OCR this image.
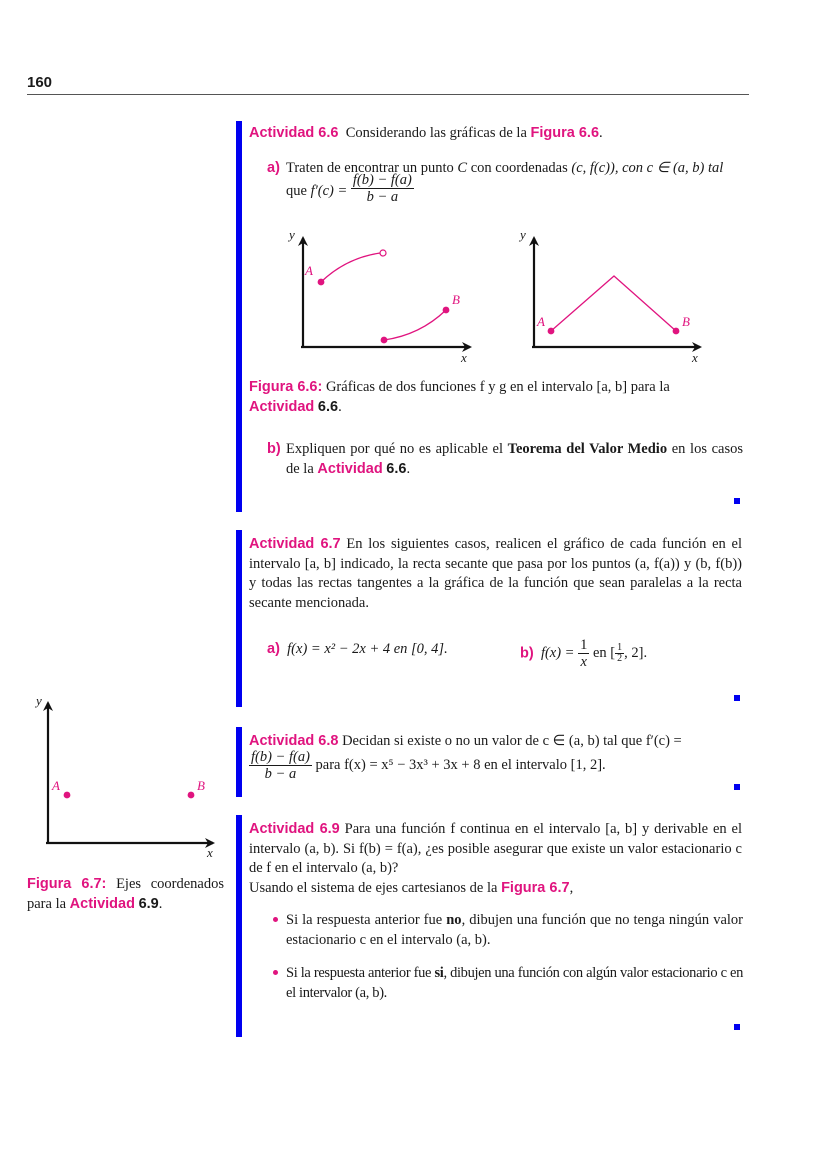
160
Actividad 6.6 Considerando las gráficas de la Figura 6.6.
a) Traten de encontrar un punto C con coordenadas (c, f(c)), con c ∈ (a, b) tal
que $f'(c) = \frac{f(b) - f(a)}{b - a}$
y
x
A
B
y
x
A	B
Figura 6.6: Gráficas de dos funciones f y g en el intervalo [a, b] para la
Actividad 6.6.
b) Expliquen por qué no es aplicable el Teorema del Valor Medio en los casos de la Actividad 6.6.
Actividad 6.7 En los siguientes casos, realicen el gráfico de cada función en el intervalo [a, b] indicado, la recta secante que pasa por los puntos (a, f(a)) y (b, f(b)) y todas las rectas tangentes a la gráfica de la función que sean paralelas a la recta secante mencionada.
a) f(x) = x² − 2x + 4 en [0, 4].	b) $f(x) = \frac{1}{x}$ en [ $\frac{1}{2}$ , 2].
Actividad 6.8 Decidan si existe o no un valor de c ∈ (a, b) tal que f′(c) =
$\frac{f(b) - f(a)}{b - a}$ para f(x) = x⁵ − 3x³ + 3x + 8 en el intervalo [1, 2].
Actividad 6.9 Para una función f continua en el intervalo [a, b] y derivable en el intervalo (a, b). Si f(b) = f(a), ¿es posible asegurar que existe un valor estacionario c de f en el intervalo (a, b)?
Usando el sistema de ejes cartesianos de la Figura 6.7,
Si la respuesta anterior fue no, dibujen una función que no tenga ningún valor estacionario c en el intervalo (a, b).
Si la respuesta anterior fue si, dibujen una función con algún valor estacionario c en el intervalor (a, b).
y
x
A	B
Figura 6.7: Ejes coordenados para la Actividad 6.9.
